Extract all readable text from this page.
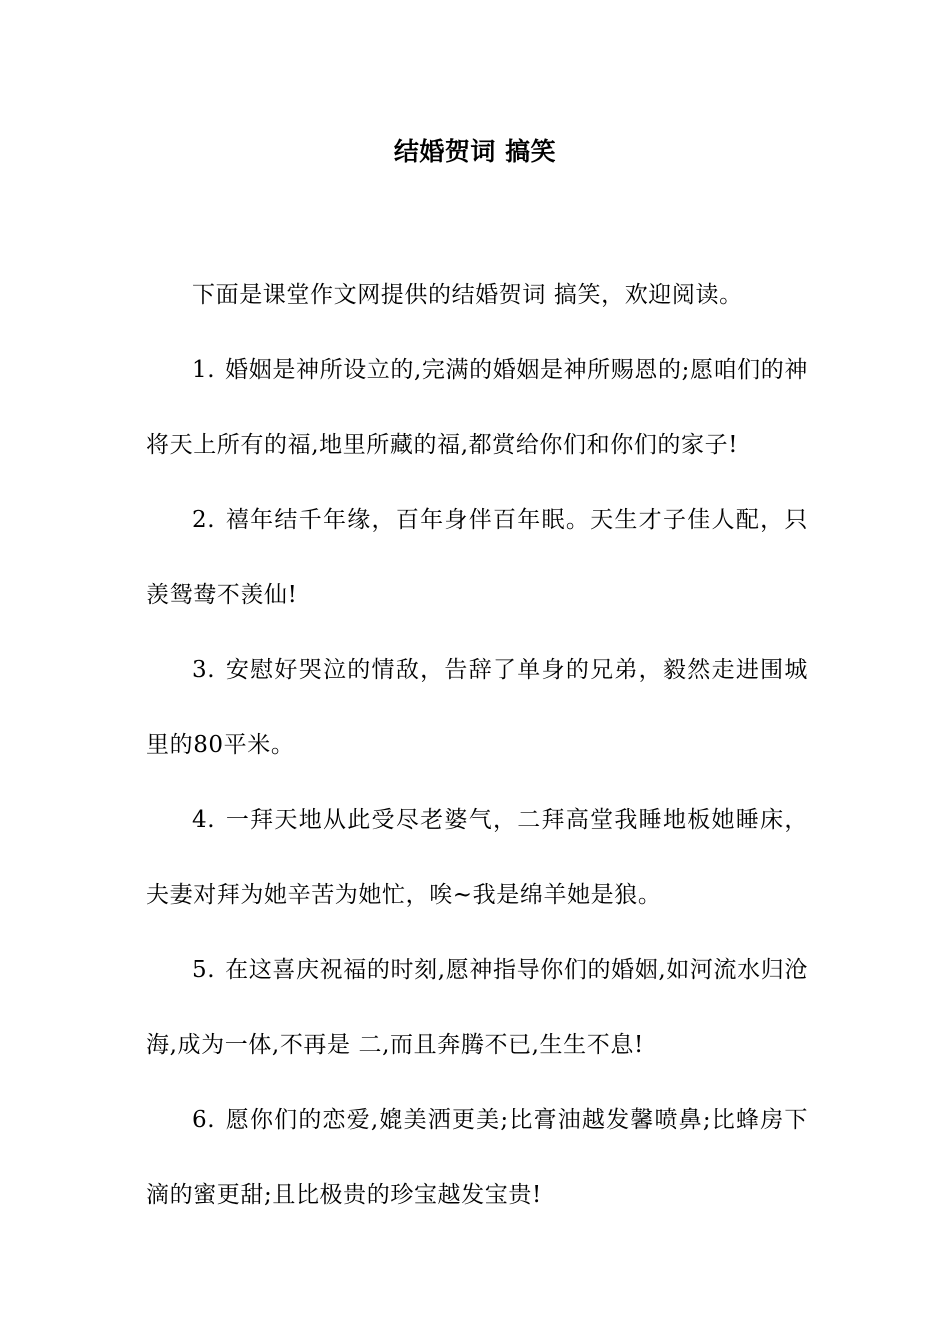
结婚贺词 搞笑

下面是课堂作文网提供的结婚贺词 搞笑，欢迎阅读。

1. 婚姻是神所设立的,完满的婚姻是神所赐恩的;愿咱们的神将天上所有的福,地里所藏的福,都赏给你们和你们的家子!

2. 禧年结千年缘，百年身伴百年眠。天生才子佳人配，只羡鸳鸯不羡仙!

3. 安慰好哭泣的情敌，告辞了单身的兄弟，毅然走进围城里的80平米。

4. 一拜天地从此受尽老婆气，二拜高堂我睡地板她睡床，夫妻对拜为她辛苦为她忙，唉~我是绵羊她是狼。

5. 在这喜庆祝福的时刻,愿神指导你们的婚姻,如河流水归沧海,成为一体,不再是 二,而且奔腾不已,生生不息!

6. 愿你们的恋爱,媲美洒更美;比膏油越发馨喷鼻;比蜂房下滴的蜜更甜;且比极贵的珍宝越发宝贵!
